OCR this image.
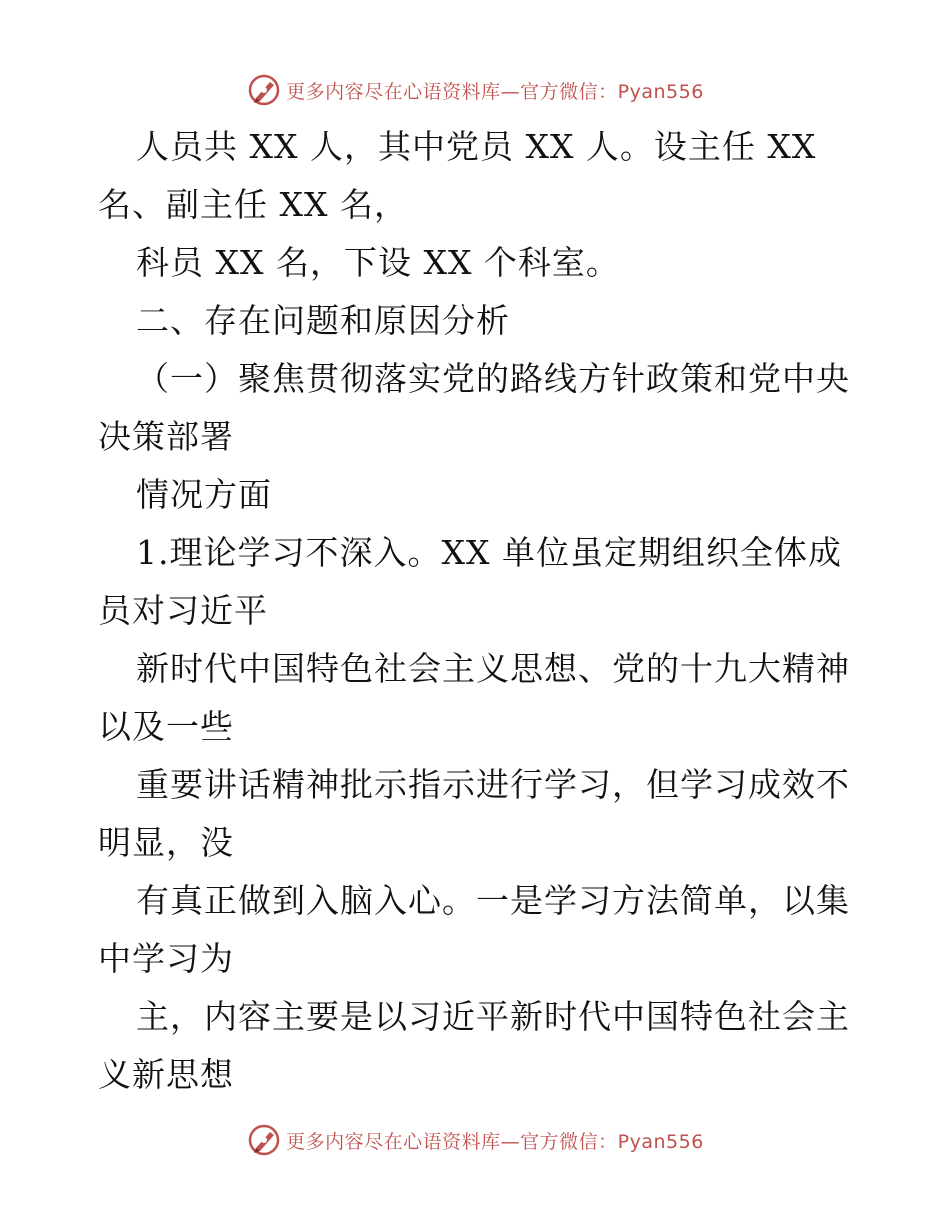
更多内容尽在心语资料库—官方微信：Pyan556
人员共 XX 人，其中党员 XX 人。设主任 XX
名、副主任 XX 名，
科员 XX 名，下设 XX 个科室。
二、存在问题和原因分析
（一）聚焦贯彻落实党的路线方针政策和党中央
决策部署
情况方面
1.理论学习不深入。XX 单位虽定期组织全体成
员对习近平
新时代中国特色社会主义思想、党的十九大精神
以及一些
重要讲话精神批示指示进行学习，但学习成效不
明显，没
有真正做到入脑入心。一是学习方法简单，以集
中学习为
主，内容主要是以习近平新时代中国特色社会主
义新思想
更多内容尽在心语资料库—官方微信：Pyan556
